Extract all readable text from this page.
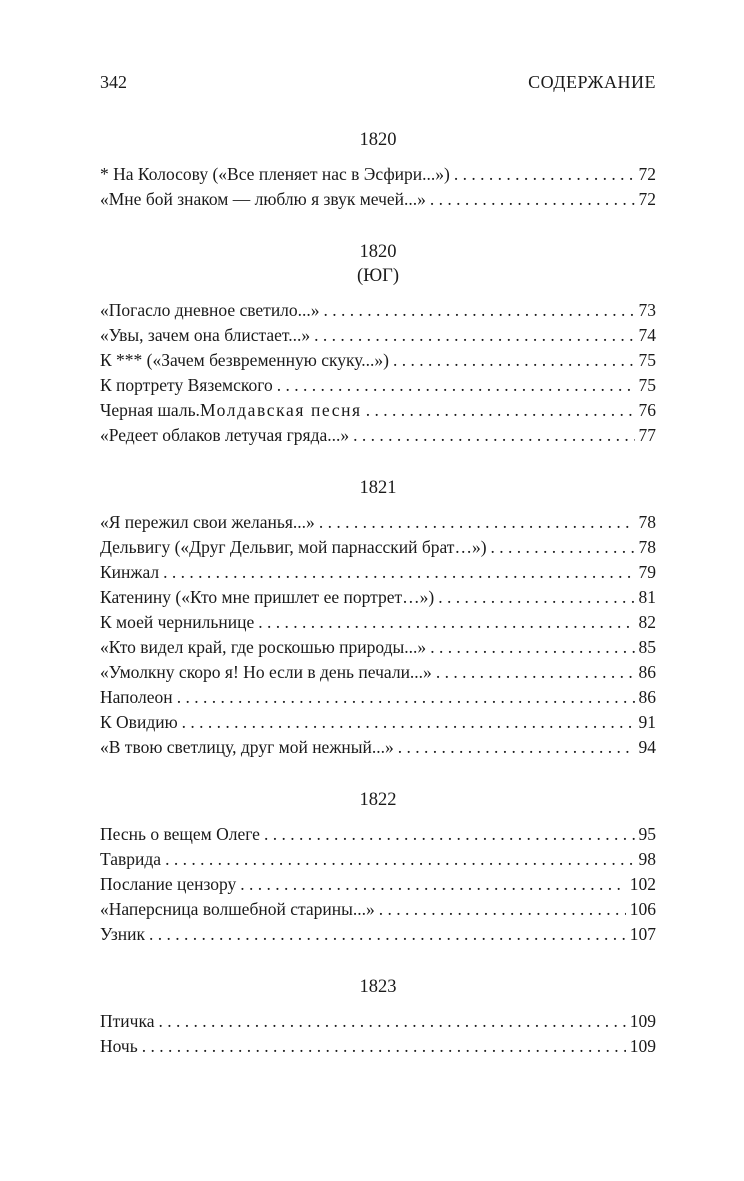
342	СОДЕРЖАНИЕ
1820
* На Колосову («Все пленяет нас в Эсфири...») . . .	72
«Мне бой знаком — люблю я звук мечей...» . . .	72
1820
(ЮГ)
«Погасло дневное светило...» . . .	73
«Увы, зачем она блистает...» . . .	74
К *** («Зачем безвременную скуку...») . . .	75
К портрету Вяземского . . .	75
Черная шаль. Молдавская песня . . .	76
«Редеет облаков летучая гряда...» . . .	77
1821
«Я пережил свои желанья...» . . .	78
Дельвигу («Друг Дельвиг, мой парнасский брат…») . . .	78
Кинжал . . .	79
Катенину («Кто мне пришлет ее портрет…») . . .	81
К моей чернильнице . . .	82
«Кто видел край, где роскошью природы...» . . .	85
«Умолкну скоро я! Но если в день печали...» . . .	86
Наполеон . . .	86
К Овидию . . .	91
«В твою светлицу, друг мой нежный...» . . .	94
1822
Песнь о вещем Олеге . . .	95
Таврида . . .	98
Послание цензору . . .	102
«Наперсница волшебной старины...» . . .	106
Узник . . .	107
1823
Птичка . . .	109
Ночь . . .	109
